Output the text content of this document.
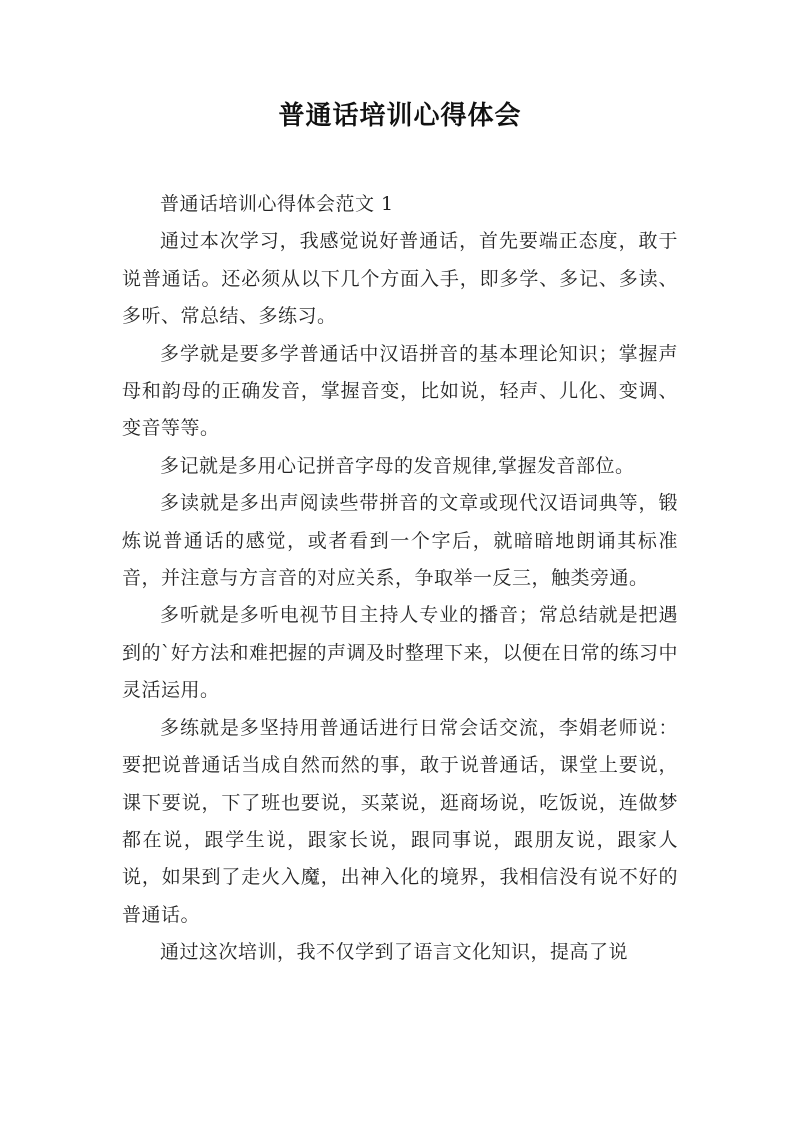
普通话培训心得体会

普通话培训心得体会范文 1

通过本次学习，我感觉说好普通话，首先要端正态度，敢于说普通话。还必须从以下几个方面入手，即多学、多记、多读、多听、常总结、多练习。

多学就是要多学普通话中汉语拼音的基本理论知识；掌握声母和韵母的正确发音，掌握音变，比如说，轻声、儿化、变调、变音等等。

多记就是多用心记拼音字母的发音规律,掌握发音部位。

多读就是多出声阅读些带拼音的文章或现代汉语词典等，锻炼说普通话的感觉，或者看到一个字后，就暗暗地朗诵其标准音，并注意与方言音的对应关系，争取举一反三，触类旁通。

多听就是多听电视节目主持人专业的播音；常总结就是把遇到的`好方法和难把握的声调及时整理下来，以便在日常的练习中灵活运用。

多练就是多坚持用普通话进行日常会话交流，李娟老师说：要把说普通话当成自然而然的事，敢于说普通话，课堂上要说，课下要说，下了班也要说，买菜说，逛商场说，吃饭说，连做梦都在说，跟学生说，跟家长说，跟同事说，跟朋友说，跟家人说，如果到了走火入魔，出神入化的境界，我相信没有说不好的普通话。

通过这次培训，我不仅学到了语言文化知识，提高了说
